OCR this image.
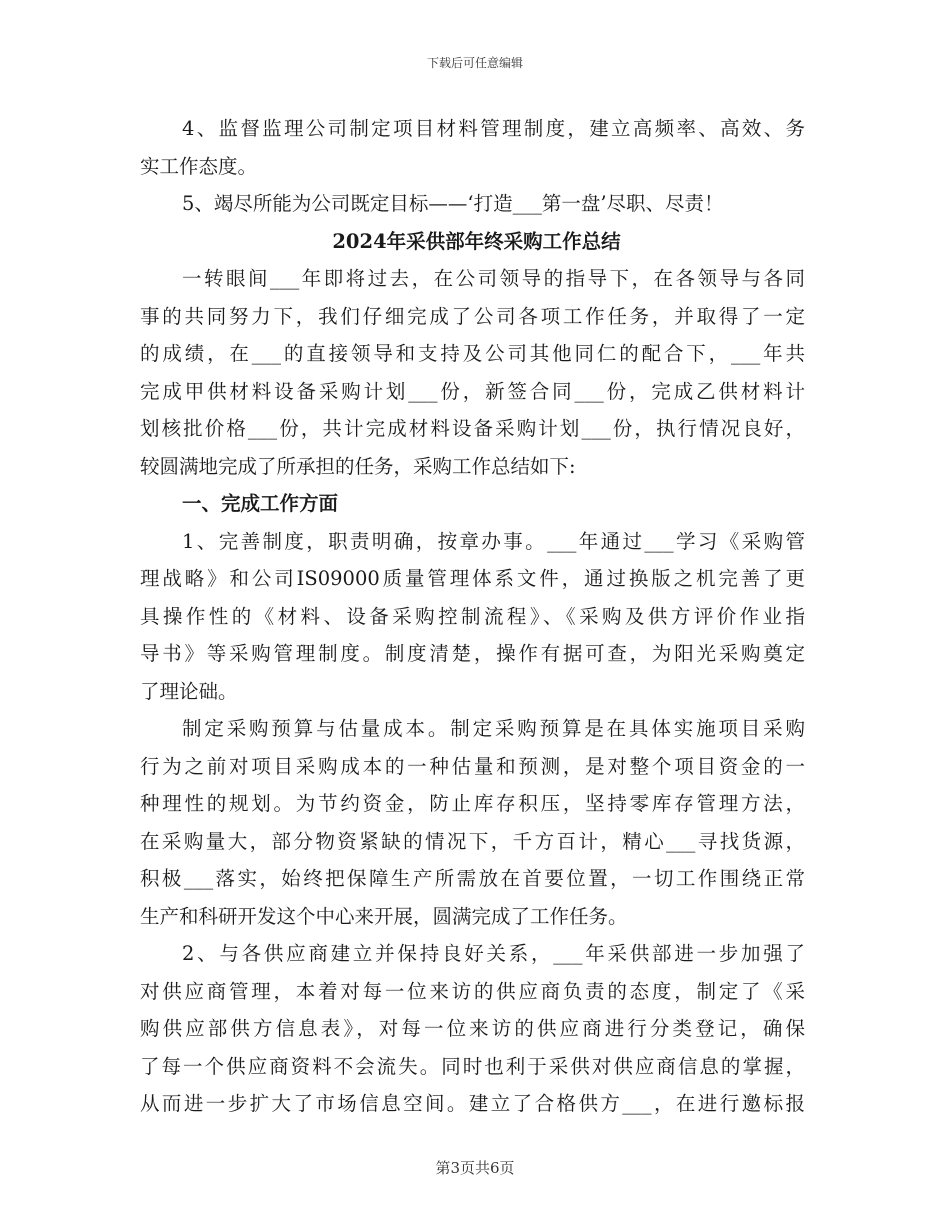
下载后可任意编辑
4、监督监理公司制定项目材料管理制度，建立高频率、高效、务
实工作态度。
5、竭尽所能为公司既定目标——‘打造___第一盘’尽职、尽责！
2024年采供部年终采购工作总结
一转眼间___年即将过去，在公司领导的指导下，在各领导与各同
事的共同努力下，我们仔细完成了公司各项工作任务，并取得了一定
的成绩，在___的直接领导和支持及公司其他同仁的配合下，___年共
完成甲供材料设备采购计划___份，新签合同___份，完成乙供材料计
划核批价格___份，共计完成材料设备采购计划___份，执行情况良好，
较圆满地完成了所承担的任务，采购工作总结如下:
一、完成工作方面
1、完善制度，职责明确，按章办事。___年通过___学习《采购管
理战略》和公司IS09000质量管理体系文件，通过换版之机完善了更
具操作性的《材料、设备采购控制流程》、《采购及供方评价作业指
导书》等采购管理制度。制度清楚，操作有据可查，为阳光采购奠定
了理论础。
制定采购预算与估量成本。制定采购预算是在具体实施项目采购
行为之前对项目采购成本的一种估量和预测，是对整个项目资金的一
种理性的规划。为节约资金，防止库存积压，坚持零库存管理方法，
在采购量大，部分物资紧缺的情况下，千方百计，精心___寻找货源，
积极___落实，始终把保障生产所需放在首要位置，一切工作围绕正常
生产和科研开发这个中心来开展，圆满完成了工作任务。
2、与各供应商建立并保持良好关系，___年采供部进一步加强了
对供应商管理，本着对每一位来访的供应商负责的态度，制定了《采
购供应部供方信息表》，对每一位来访的供应商进行分类登记，确保
了每一个供应商资料不会流失。同时也利于采供对供应商信息的掌握，
从而进一步扩大了市场信息空间。建立了合格供方___，在进行邀标报
第3页共6页
